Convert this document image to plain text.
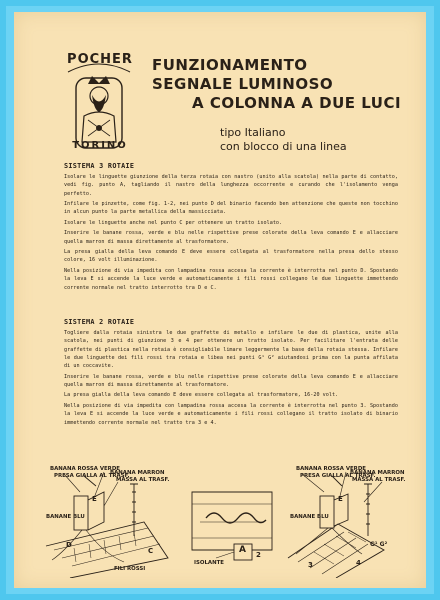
POCHER
TORINO
FUNZIONAMENTO
SEGNALE LUMINOSO
A COLONNA A DUE LUCI
tipo Italiano
con blocco di una linea
SISTEMA 3 ROTAIE

Isolare le linguette giunzione della terza rotaia con nastro (unito alla scatola) nella parte di contatto, vedi fig. punto A, tagliando il nastro della lunghezza occorrente e curando che l'isolamento venga perfetto.

Infilare le pinzette, come fig. 1-2, nei punto D del binario facendo ben attenzione che queste non tocchino in alcun punto la parte metallica della massicciata.

Isolare le linguette anche nel punto C per ottenere un tratto isolato.

Inserire le banane rossa, verde e blu nelle rispettive prese colorate della leva comando E e allacciare quella marron di massa direttamente al trasformatore.

La presa gialla della leva comando E deve essere collegata al trasformatore nella presa dello stesso colore, 16 volt illuminazione.

Nella posizione di via impedita con lampadina rossa accesa la corrente è interrotta nel punto D. Spostando la leva E si accende la luce verde e automaticamente i fili rossi collegano le due linguette immettendo corrente normale nel tratto interrotto tra D e C.

SISTEMA 2 ROTAIE

Togliere dalla rotaia sinistra le due graffette di metallo e infilare le due di plastica, unite alla scatola, nei punti di giunzione 3 e 4 per ottenere un tratto isolato. Per facilitare l'entrata delle graffette di plastica nella rotaia è consigliabile limare leggermente la base della rotaia stessa. Infilare le due linguette dei fili rossi tra rotaia e libea nei punti G¹ G² aiutandosi prima con la punta affilata di un coccavite.

Inserire le banane rossa, verde e blu nelle rispettive prese colorate della leva comando E e allacciare quella marron di massa direttamente al trasformatore.

La presa gialla della leva comando E deve essere collegata al trasformatore, 16-20 volt.

Nella posizione di via impedita con lampadina rossa accesa la corrente è interrotta nel punto 3. Spostando la leva E si accende la luce verde e automaticamente i fili rossi collegano il tratto isolato di binario immettendo corrente normale nel tratto tra 3 e 4.

BANANA ROSSA VERDE
PRESA GIALLA AL TRASF.
BANANA MARRON
MASSA AL TRASF.
BANANE BLU
FILI ROSSI
E
D
C
ISOLANTE
A 2
BANANA ROSSA VERDE
PRESA GIALLA AL TRASF.
BANANA MARRON
MASSA AL TRASF.
BANANE BLU
E
G¹ G²
3	4
